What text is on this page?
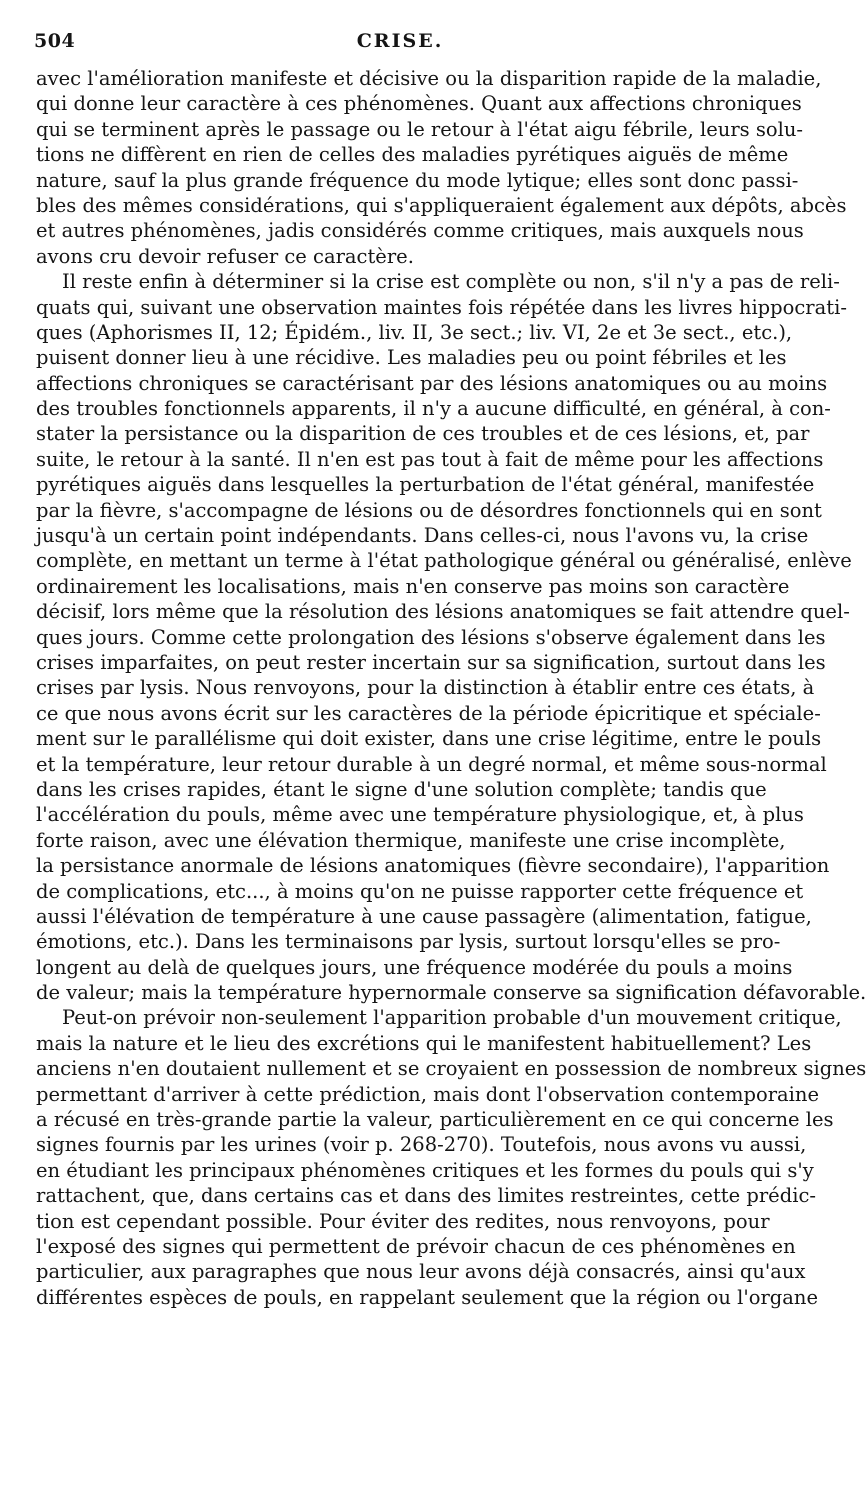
504	CRISE.
avec l'amélioration manifeste et décisive ou la disparition rapide de la maladie,
qui donne leur caractère à ces phénomènes. Quant aux affections chroniques
qui se terminent après le passage ou le retour à l'état aigu fébrile, leurs solu-
tions ne diffèrent en rien de celles des maladies pyrétiques aiguës de même
nature, sauf la plus grande fréquence du mode lytique; elles sont donc passi-
bles des mêmes considérations, qui s'appliqueraient également aux dépôts, abcès
et autres phénomènes, jadis considérés comme critiques, mais auxquels nous
avons cru devoir refuser ce caractère.
Il reste enfin à déterminer si la crise est complète ou non, s'il n'y a pas de reli-
quats qui, suivant une observation maintes fois répétée dans les livres hippocrati-
ques (Aphorismes II, 12; Épidém., liv. II, 3e sect.; liv. VI, 2e et 3e sect., etc.),
puisent donner lieu à une récidive. Les maladies peu ou point fébriles et les
affections chroniques se caractérisant par des lésions anatomiques ou au moins
des troubles fonctionnels apparents, il n'y a aucune difficulté, en général, à con-
stater la persistance ou la disparition de ces troubles et de ces lésions, et, par
suite, le retour à la santé. Il n'en est pas tout à fait de même pour les affections
pyrétiques aiguës dans lesquelles la perturbation de l'état général, manifestée
par la fièvre, s'accompagne de lésions ou de désordres fonctionnels qui en sont
jusqu'à un certain point indépendants. Dans celles-ci, nous l'avons vu, la crise
complète, en mettant un terme à l'état pathologique général ou généralisé, enlève
ordinairement les localisations, mais n'en conserve pas moins son caractère
décisif, lors même que la résolution des lésions anatomiques se fait attendre quel-
ques jours. Comme cette prolongation des lésions s'observe également dans les
crises imparfaites, on peut rester incertain sur sa signification, surtout dans les
crises par lysis. Nous renvoyons, pour la distinction à établir entre ces états, à
ce que nous avons écrit sur les caractères de la période épicritique et spéciale-
ment sur le parallélisme qui doit exister, dans une crise légitime, entre le pouls
et la température, leur retour durable à un degré normal, et même sous-normal
dans les crises rapides, étant le signe d'une solution complète; tandis que
l'accélération du pouls, même avec une température physiologique, et, à plus
forte raison, avec une élévation thermique, manifeste une crise incomplète,
la persistance anormale de lésions anatomiques (fièvre secondaire), l'apparition
de complications, etc..., à moins qu'on ne puisse rapporter cette fréquence et
aussi l'élévation de température à une cause passagère (alimentation, fatigue,
émotions, etc.). Dans les terminaisons par lysis, surtout lorsqu'elles se pro-
longent au delà de quelques jours, une fréquence modérée du pouls a moins
de valeur; mais la température hypernormale conserve sa signification défavorable.
Peut-on prévoir non-seulement l'apparition probable d'un mouvement critique,
mais la nature et le lieu des excrétions qui le manifestent habituellement? Les
anciens n'en doutaient nullement et se croyaient en possession de nombreux signes
permettant d'arriver à cette prédiction, mais dont l'observation contemporaine
a récusé en très-grande partie la valeur, particulièrement en ce qui concerne les
signes fournis par les urines (voir p. 268-270). Toutefois, nous avons vu aussi,
en étudiant les principaux phénomènes critiques et les formes du pouls qui s'y
rattachent, que, dans certains cas et dans des limites restreintes, cette prédic-
tion est cependant possible. Pour éviter des redites, nous renvoyons, pour
l'exposé des signes qui permettent de prévoir chacun de ces phénomènes en
particulier, aux paragraphes que nous leur avons déjà consacrés, ainsi qu'aux
différentes espèces de pouls, en rappelant seulement que la région ou l'organe
